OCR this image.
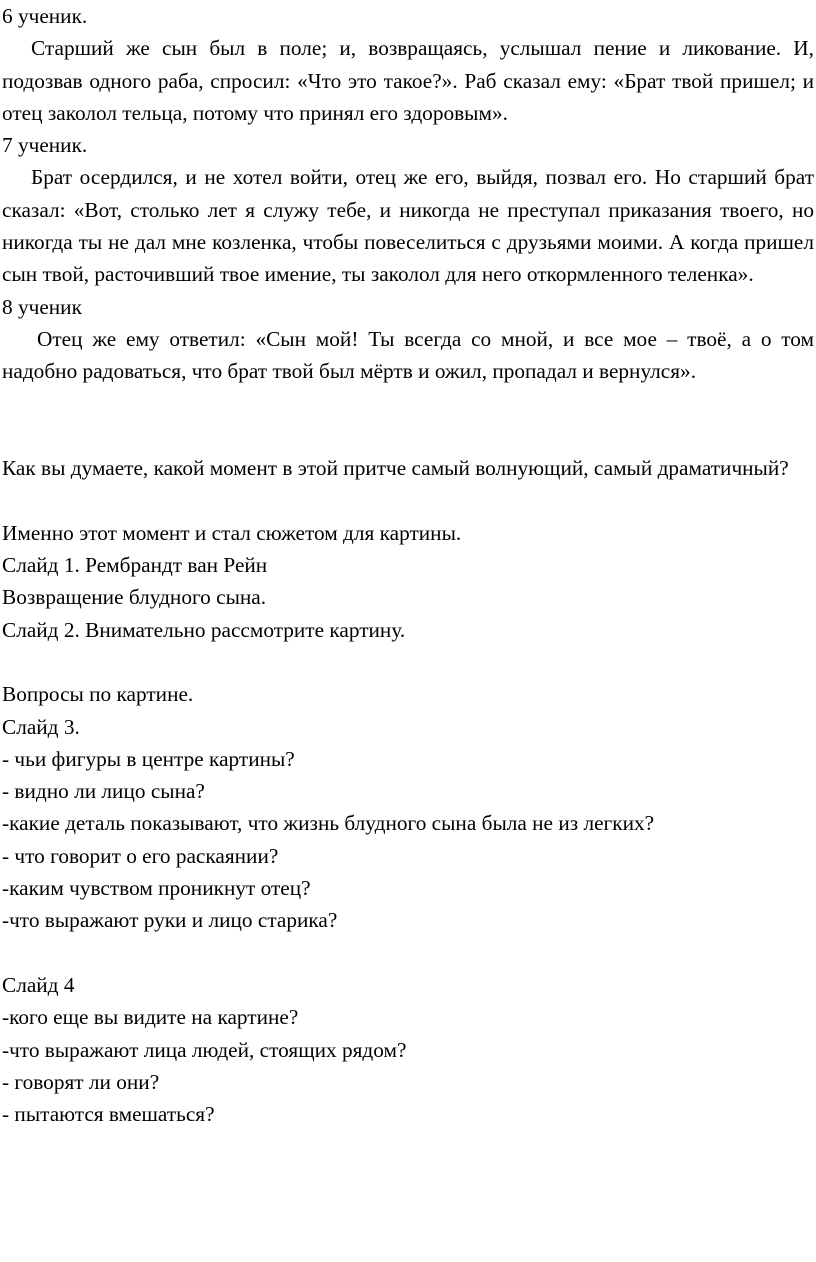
6 ученик.

Старший же сын был в поле; и, возвращаясь, услышал пение и ликование. И, подозвав одного раба, спросил: «Что это такое?». Раб сказал ему: «Брат твой пришел; и отец заколол тельца, потому что принял его здоровым».

7 ученик.

Брат осердился, и не хотел войти, отец же его, выйдя, позвал его. Но старший брат сказал: «Вот, столько лет я служу тебе, и никогда не преступал приказания твоего, но никогда ты не дал мне козленка, чтобы повеселиться с друзьями моими. А когда пришел сын твой, расточивший твое имение, ты заколол для него откормленного теленка».

8 ученик

Отец же ему ответил: «Сын мой! Ты всегда со мной, и все мое – твоё, а о том надобно радоваться, что брат твой был мёртв и ожил, пропадал и вернулся».

Как вы думаете, какой момент в этой притче самый волнующий, самый драматичный?

Именно этот момент и стал сюжетом для картины.

Слайд 1. Рембрандт ван Рейн

Возвращение блудного сына.

Слайд 2. Внимательно рассмотрите картину.

Вопросы по картине.

Слайд 3.

- чьи фигуры в центре картины?

- видно ли лицо сына?

-какие деталь показывают, что жизнь блудного сына была не из легких?

- что говорит о его раскаянии?

-каким чувством проникнут отец?

-что выражают руки и лицо старика?

Слайд 4

-кого еще вы видите на картине?

-что выражают лица людей, стоящих рядом?

- говорят ли они?

- пытаются вмешаться?
